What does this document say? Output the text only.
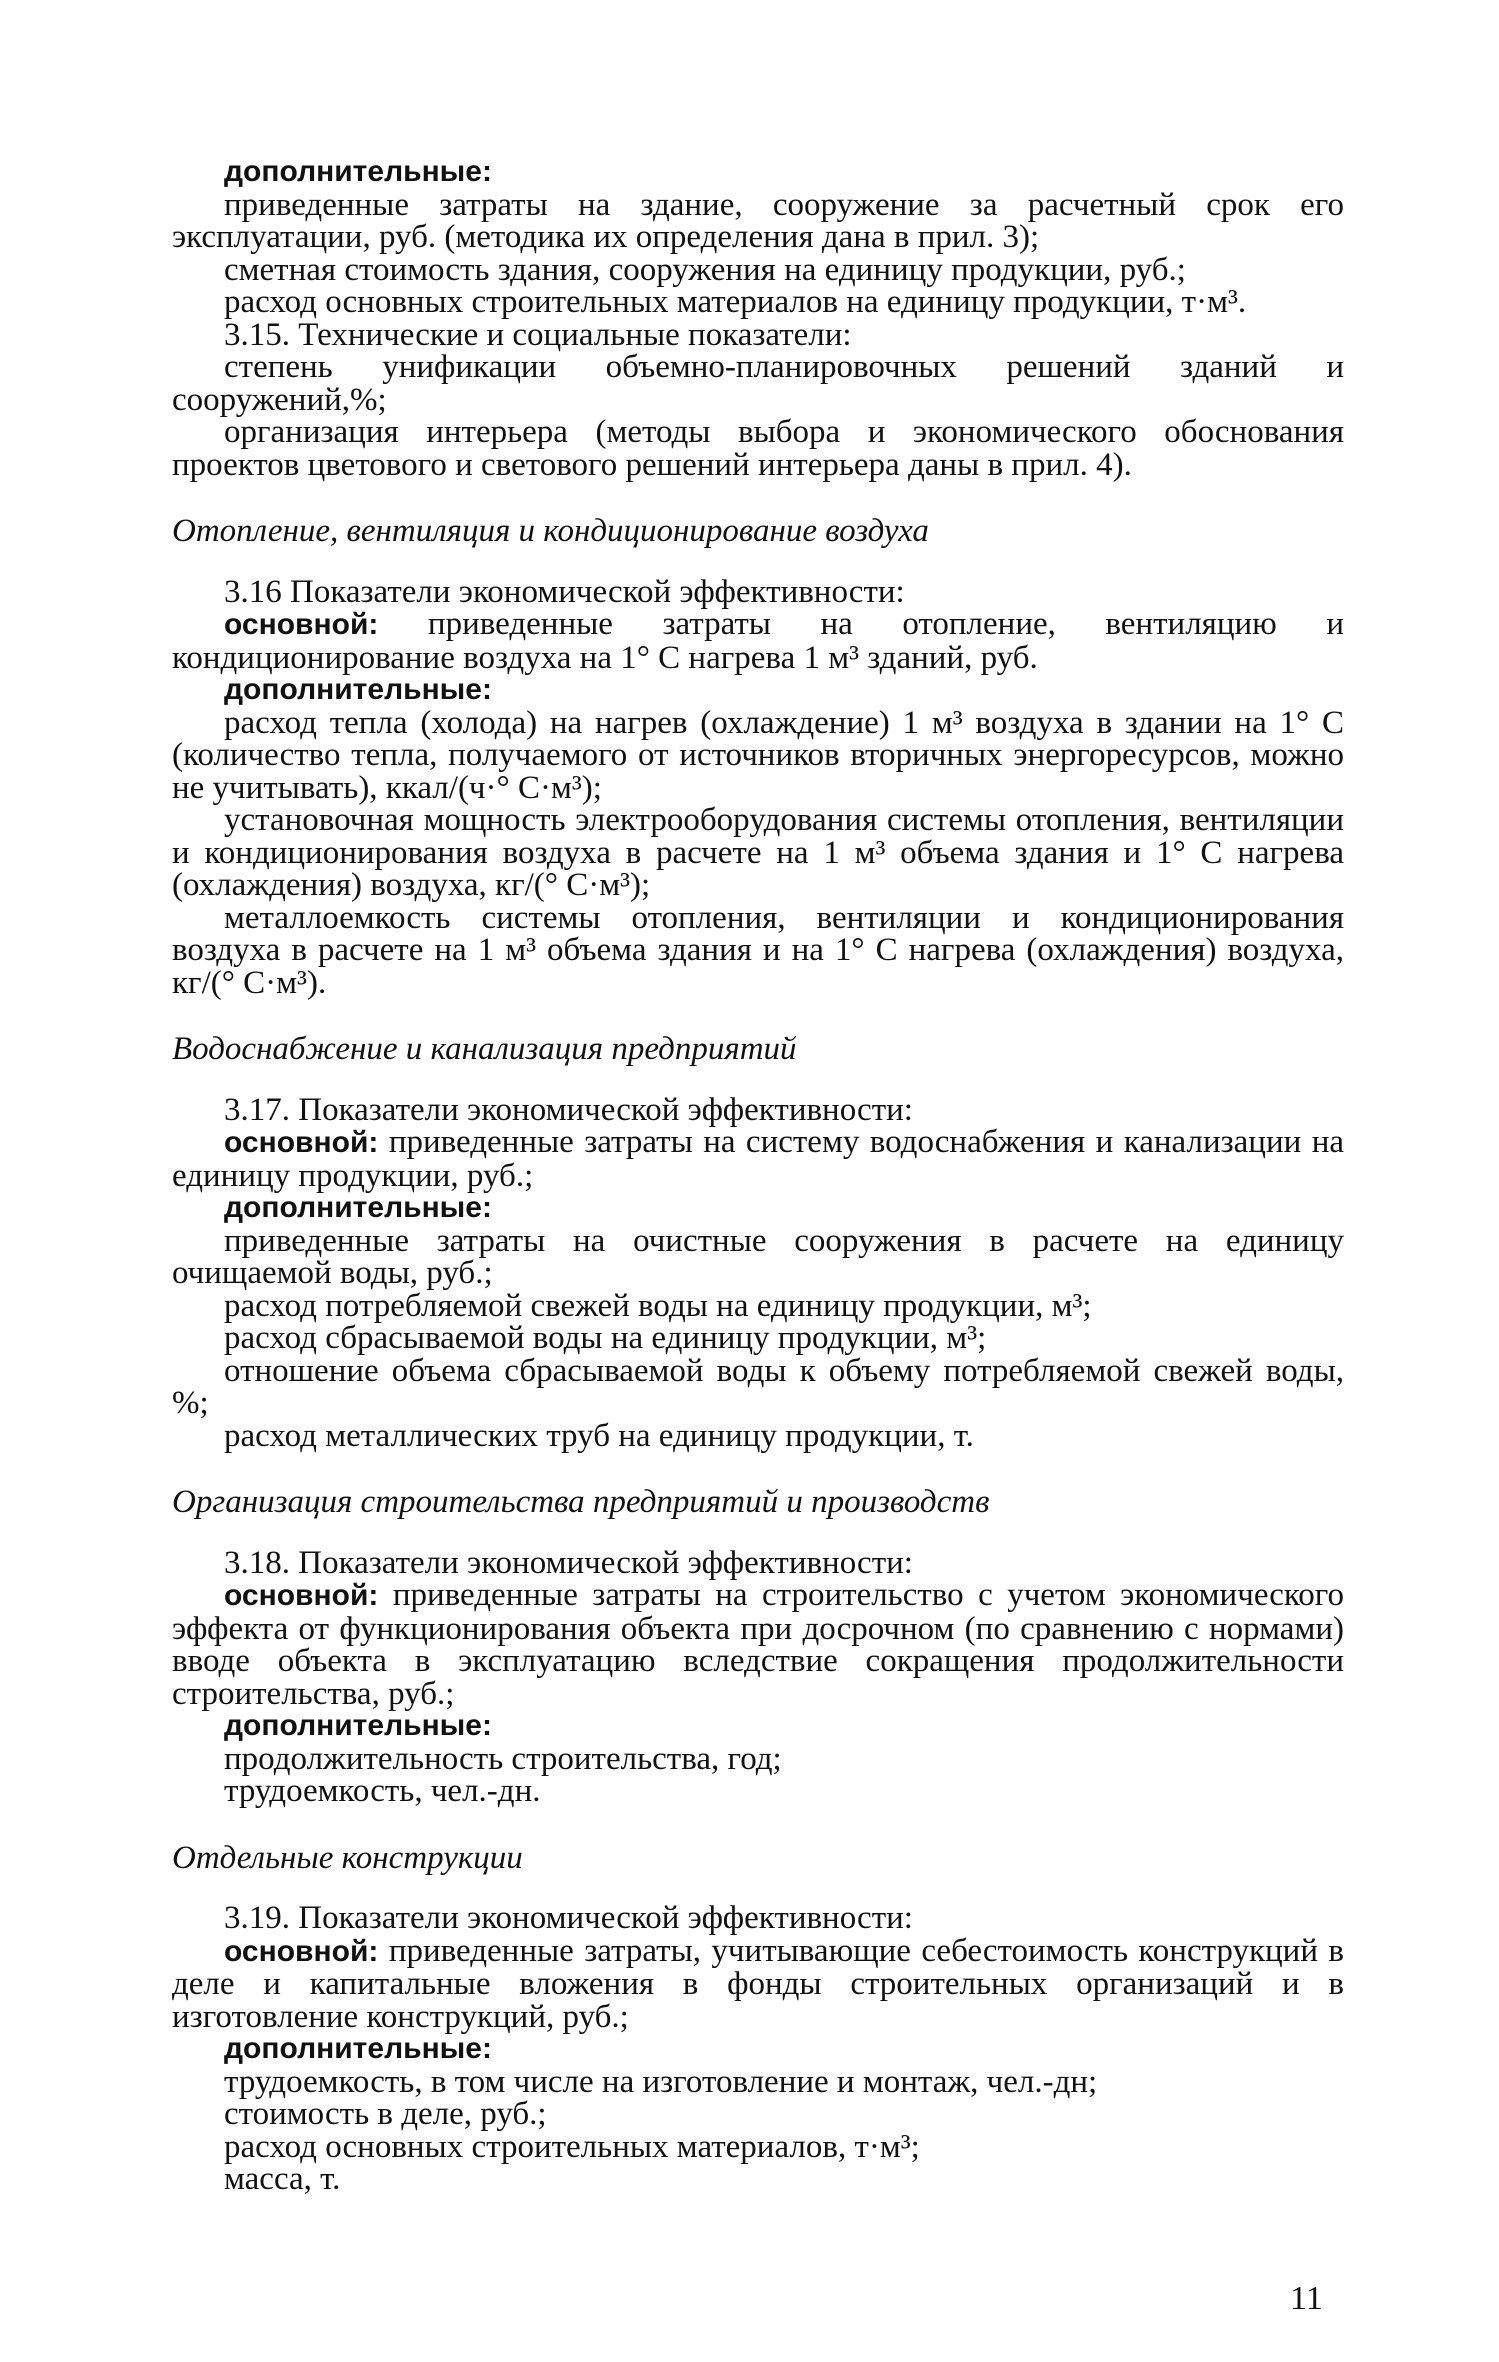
дополнительные:

приведенные затраты на здание, сооружение за расчетный срок его эксплуатации, руб. (методика их определения дана в прил. 3);

сметная стоимость здания, сооружения на единицу продукции, руб.;

расход основных строительных материалов на единицу продукции, т·м³.

3.15. Технические и социальные показатели:

степень унификации объемно-планировочных решений зданий и сооружений,%;

организация интерьера (методы выбора и экономического обоснования проектов цветового и светового решений интерьера даны в прил. 4).

Отопление, вентиляция и кондиционирование воздуха

3.16 Показатели экономической эффективности:

основной: приведенные затраты на отопление, вентиляцию и кондиционирование воздуха на 1° С нагрева 1 м³ зданий, руб.

дополнительные:

расход тепла (холода) на нагрев (охлаждение) 1 м³ воздуха в здании на 1° С (количество тепла, получаемого от источников вторичных энергоресурсов, можно не учитывать), ккал/(ч·° С·м³);

установочная мощность электрооборудования системы отопления, вентиляции и кондиционирования воздуха в расчете на 1 м³ объема здания и 1° С нагрева (охлаждения) воздуха, кг/(° С·м³);

металлоемкость системы отопления, вентиляции и кондиционирования воздуха в расчете на 1 м³ объема здания и на 1° С нагрева (охлаждения) воздуха, кг/(° С·м³).

Водоснабжение и канализация предприятий

3.17. Показатели экономической эффективности:

основной: приведенные затраты на систему водоснабжения и канализации на единицу продукции, руб.;

дополнительные:

приведенные затраты на очистные сооружения в расчете на единицу очищаемой воды, руб.;

расход потребляемой свежей воды на единицу продукции, м³;

расход сбрасываемой воды на единицу продукции, м³;

отношение объема сбрасываемой воды к объему потребляемой свежей воды, %;

расход металлических труб на единицу продукции, т.

Организация строительства предприятий и производств

3.18. Показатели экономической эффективности:

основной: приведенные затраты на строительство с учетом экономического эффекта от функционирования объекта при досрочном (по сравнению с нормами) вводе объекта в эксплуатацию вследствие сокращения продолжительности строительства, руб.;

дополнительные:

продолжительность строительства, год;

трудоемкость, чел.-дн.

Отдельные конструкции

3.19. Показатели экономической эффективности:

основной: приведенные затраты, учитывающие себестоимость конструкций в деле и капитальные вложения в фонды строительных организаций и в изготовление конструкций, руб.;

дополнительные:

трудоемкость, в том числе на изготовление и монтаж, чел.-дн;

стоимость в деле, руб.;

расход основных строительных материалов, т·м³;

масса, т.

11
